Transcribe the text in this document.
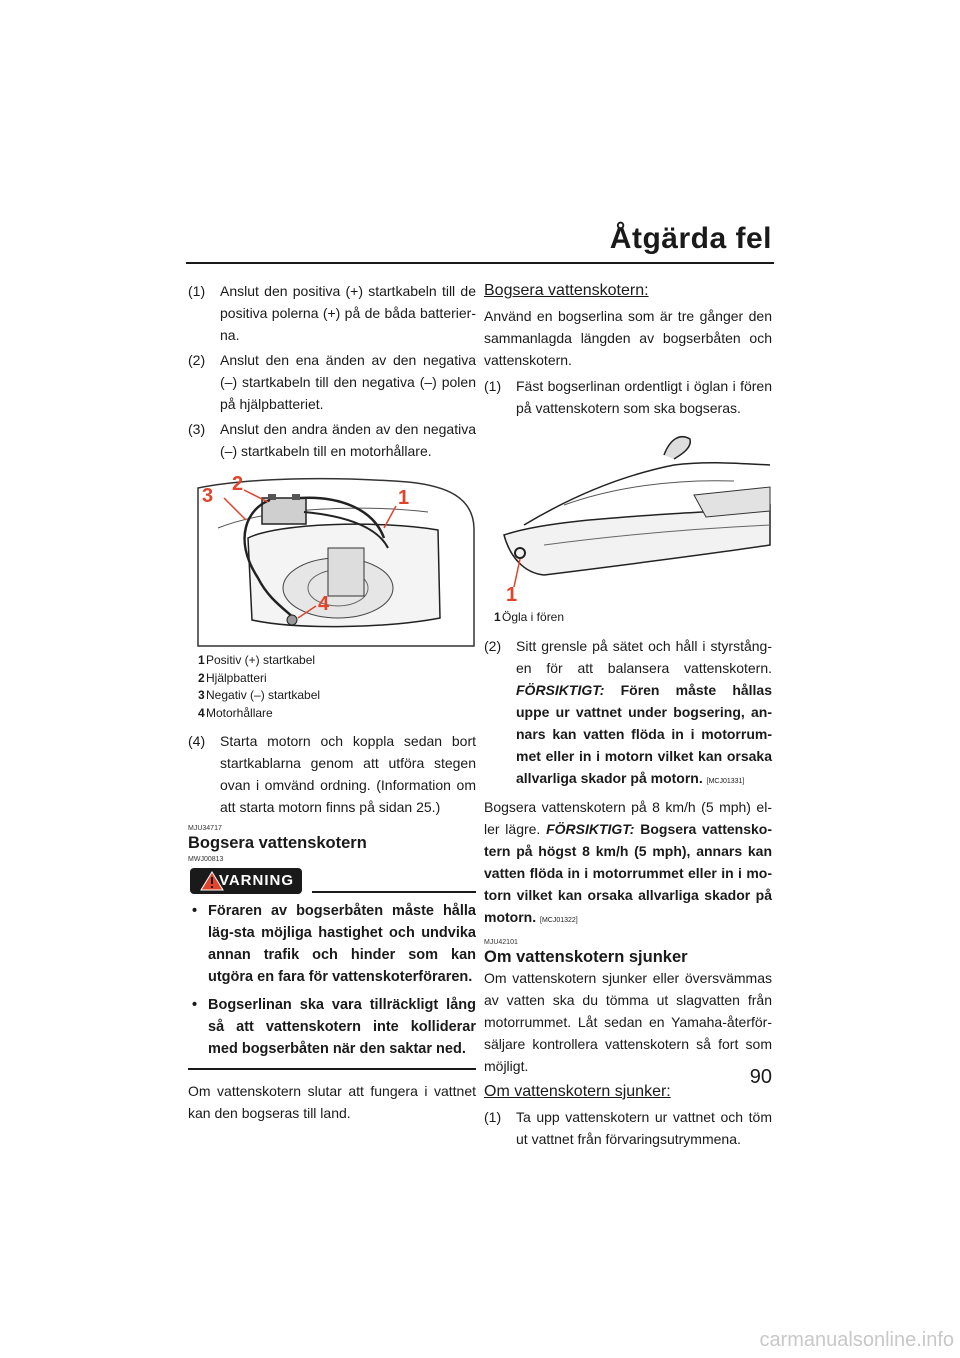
Åtgärda fel
(1) Anslut den positiva (+) startkabeln till de positiva polerna (+) på de båda batterier-na.
(2) Anslut den ena änden av den negativa (–) startkabeln till den negativa (–) polen på hjälpbatteriet.
(3) Anslut den andra änden av den negativa (–) startkabeln till en motorhållare.
3
2
1
4
1 Positiv (+) startkabel
2 Hjälpbatteri
3 Negativ (–) startkabel
4 Motorhållare
(4) Starta motorn och koppla sedan bort startkablarna genom att utföra stegen ovan i omvänd ordning. (Information om att starta motorn finns på sidan 25.)
MJU34717
Bogsera vattenskotern
MWJ00813
VARNING
• Föraren av bogserbåten måste hålla läg-sta möjliga hastighet och undvika annan trafik och hinder som kan utgöra en fara för vattenskoterföraren.
• Bogserlinan ska vara tillräckligt lång så att vattenskotern inte kolliderar med bogserbåten när den saktar ned.
Om vattenskotern slutar att fungera i vattnet kan den bogseras till land.
Bogsera vattenskotern:
Använd en bogserlina som är tre gånger den sammanlagda längden av bogserbåten och vattenskotern.
(1) Fäst bogserlinan ordentligt i öglan i fören på vattenskotern som ska bogseras.
1
1 Ögla i fören
(2) Sitt grensle på sätet och håll i styrstång-en för att balansera vattenskotern. FÖRSIKTIGT: Fören måste hållas uppe ur vattnet under bogsering, an-nars kan vatten flöda in i motorrum-met eller in i motorn vilket kan orsaka allvarliga skador på motorn. [MCJ01331]
Bogsera vattenskotern på 8 km/h (5 mph) el-ler lägre. FÖRSIKTIGT: Bogsera vattensko-tern på högst 8 km/h (5 mph), annars kan vatten flöda in i motorrummet eller in i mo-torn vilket kan orsaka allvarliga skador på motorn. [MCJ01322]
MJU42101
Om vattenskotern sjunker
Om vattenskotern sjunker eller översvämmas av vatten ska du tömma ut slagvatten från motorrummet. Låt sedan en Yamaha-återför-säljare kontrollera vattenskotern så fort som möjligt.
Om vattenskotern sjunker:
(1) Ta upp vattenskotern ur vattnet och töm ut vattnet från förvaringsutrymmena.
90
carmanualsonline.info
